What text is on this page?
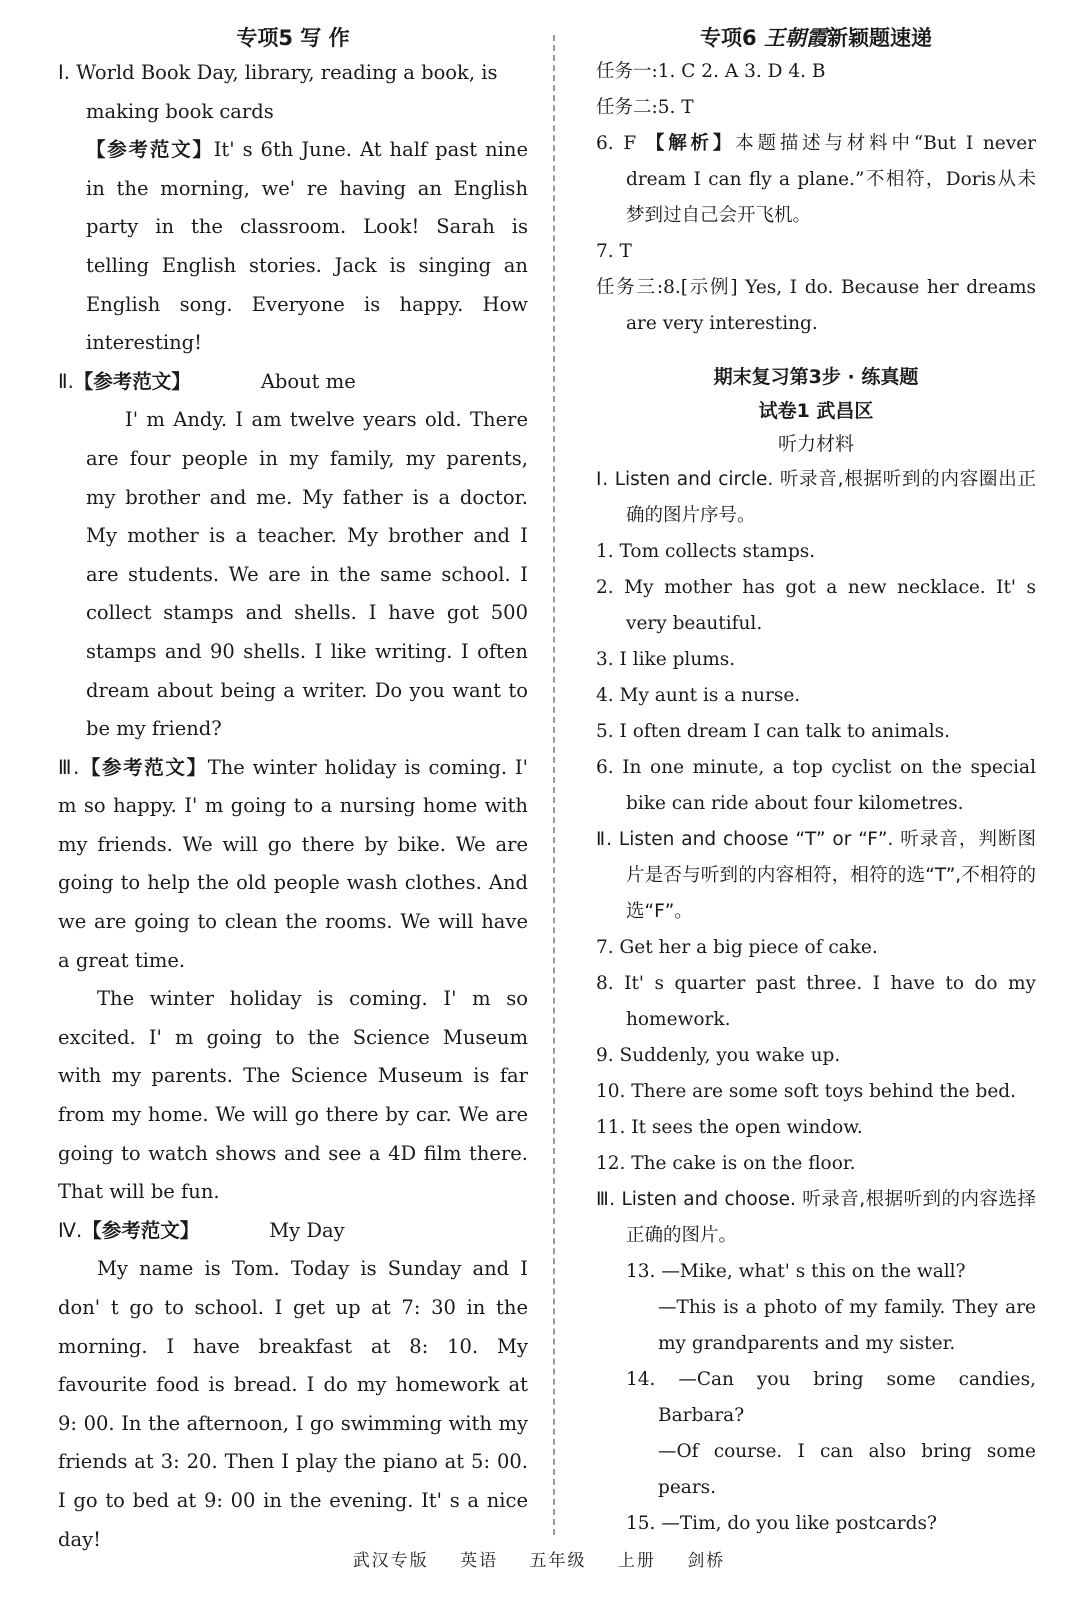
专项5 写 作

Ⅰ. World Book Day, library, reading a book, is

making book cards

【参考范文】It' s 6th June. At half past nine in the morning, we' re having an English party in the classroom. Look! Sarah is telling English stories. Jack is singing an English song. Everyone is happy. How interesting!

Ⅱ.【参考范文】	About me

I' m Andy. I am twelve years old. There are four people in my family, my parents, my brother and me. My father is a doctor. My mother is a teacher. My brother and I are students. We are in the same school. I collect stamps and shells. I have got 500 stamps and 90 shells. I like writing. I often dream about being a writer. Do you want to be my friend?

Ⅲ.【参考范文】The winter holiday is coming. I' m so happy. I' m going to a nursing home with my friends. We will go there by bike. We are going to help the old people wash clothes. And we are going to clean the rooms. We will have a great time.

The winter holiday is coming. I' m so excited. I' m going to the Science Museum with my parents. The Science Museum is far from my home. We will go there by car. We are going to watch shows and see a 4D film there. That will be fun.

Ⅳ.【参考范文】	My Day

My name is Tom. Today is Sunday and I don' t go to school. I get up at 7: 30 in the morning. I have breakfast at 8: 10. My favourite food is bread. I do my homework at 9: 00. In the afternoon, I go swimming with my friends at 3: 20. Then I play the piano at 5: 00. I go to bed at 9: 00 in the evening. It' s a nice day!

专项6 王朝霞新颖题速递

任务一:1. C 2. A 3. D 4. B

任务二:5. T

6. F 【解析】本题描述与材料中“But I never dream I can fly a plane.”不相符，Doris从未梦到过自己会开飞机。

7. T

任务三:8.[示例] Yes, I do. Because her dreams are very interesting.

期末复习第3步 · 练真题
试卷1 武昌区
听力材料

Ⅰ. Listen and circle. 听录音,根据听到的内容圈出正确的图片序号。

1. Tom collects stamps.

2. My mother has got a new necklace. It' s very beautiful.

3. I like plums.

4. My aunt is a nurse.

5. I often dream I can talk to animals.

6. In one minute, a top cyclist on the special bike can ride about four kilometres.

Ⅱ. Listen and choose “T” or “F”. 听录音，判断图片是否与听到的内容相符，相符的选“T”,不相符的选“F”。

7. Get her a big piece of cake.

8. It' s quarter past three. I have to do my homework.

9. Suddenly, you wake up.

10. There are some soft toys behind the bed.

11. It sees the open window.

12. The cake is on the floor.

Ⅲ. Listen and choose. 听录音,根据听到的内容选择正确的图片。

13. —Mike, what' s this on the wall?

—This is a photo of my family. They are my grandparents and my sister.

14. —Can you bring some candies, Barbara?

—Of course. I can also bring some pears.

15. —Tim, do you like postcards?

武汉专版 英语 五年级 上册 剑桥
